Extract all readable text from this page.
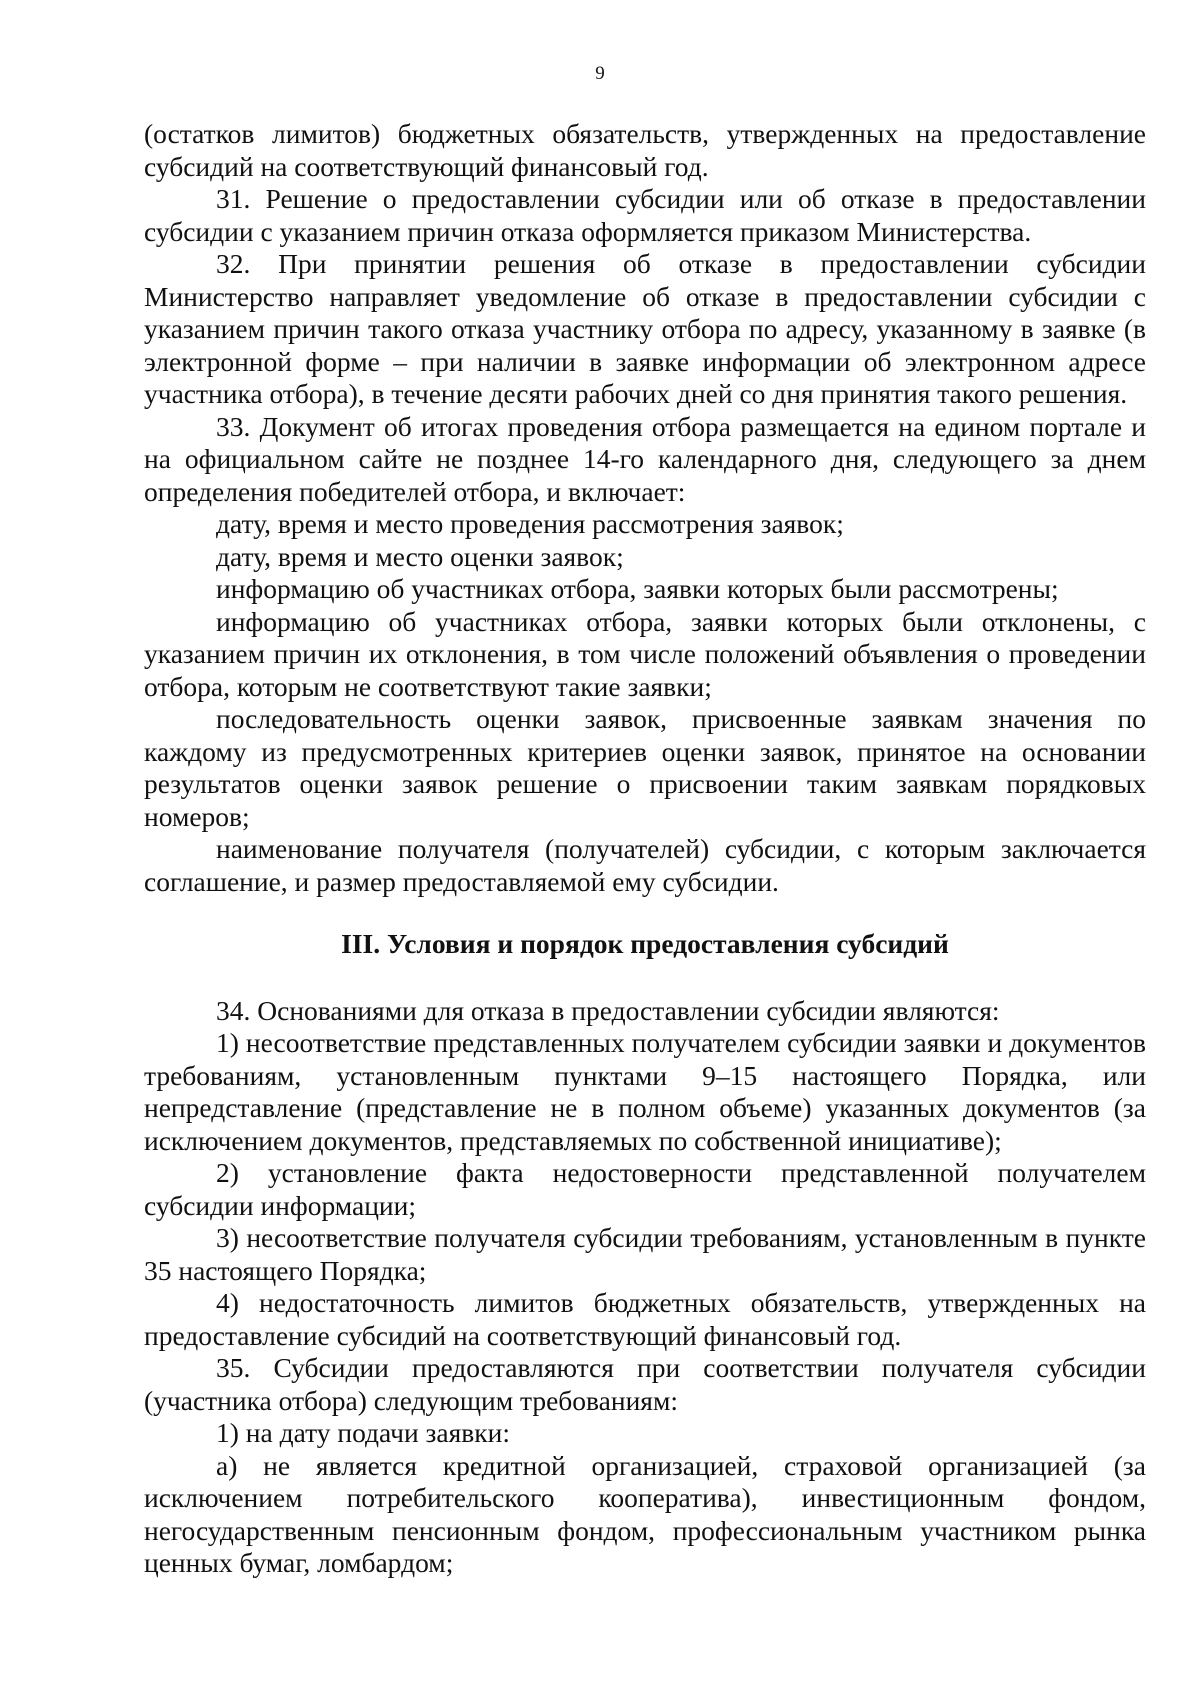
9

(остатков лимитов) бюджетных обязательств, утвержденных на предоставление субсидий на соответствующий финансовый год.

31. Решение о предоставлении субсидии или об отказе в предоставлении субсидии с указанием причин отказа оформляется приказом Министерства.

32. При принятии решения об отказе в предоставлении субсидии Министерство направляет уведомление об отказе в предоставлении субсидии с указанием причин такого отказа участнику отбора по адресу, указанному в заявке (в электронной форме – при наличии в заявке информации об электронном адресе участника отбора), в течение десяти рабочих дней со дня принятия такого решения.

33. Документ об итогах проведения отбора размещается на едином портале и на официальном сайте не позднее 14-го календарного дня, следующего за днем определения победителей отбора, и включает:

дату, время и место проведения рассмотрения заявок;

дату, время и место оценки заявок;

информацию об участниках отбора, заявки которых были рассмотрены;

информацию об участниках отбора, заявки которых были отклонены, с указанием причин их отклонения, в том числе положений объявления о проведении отбора, которым не соответствуют такие заявки;

последовательность оценки заявок, присвоенные заявкам значения по каждому из предусмотренных критериев оценки заявок, принятое на основании результатов оценки заявок решение о присвоении таким заявкам порядковых номеров;

наименование получателя (получателей) субсидии, с которым заключается соглашение, и размер предоставляемой ему субсидии.

III. Условия и порядок предоставления субсидий

34. Основаниями для отказа в предоставлении субсидии являются:

1) несоответствие представленных получателем субсидии заявки и документов требованиям, установленным пунктами 9–15 настоящего Порядка, или непредставление (представление не в полном объеме) указанных документов (за исключением документов, представляемых по собственной инициативе);

2) установление факта недостоверности представленной получателем субсидии информации;

3) несоответствие получателя субсидии требованиям, установленным в пункте 35 настоящего Порядка;

4) недостаточность лимитов бюджетных обязательств, утвержденных на предоставление субсидий на соответствующий финансовый год.

35. Субсидии предоставляются при соответствии получателя субсидии (участника отбора) следующим требованиям:

1) на дату подачи заявки:

а) не является кредитной организацией, страховой организацией (за исключением потребительского кооператива), инвестиционным фондом, негосударственным пенсионным фондом, профессиональным участником рынка ценных бумаг, ломбардом;
